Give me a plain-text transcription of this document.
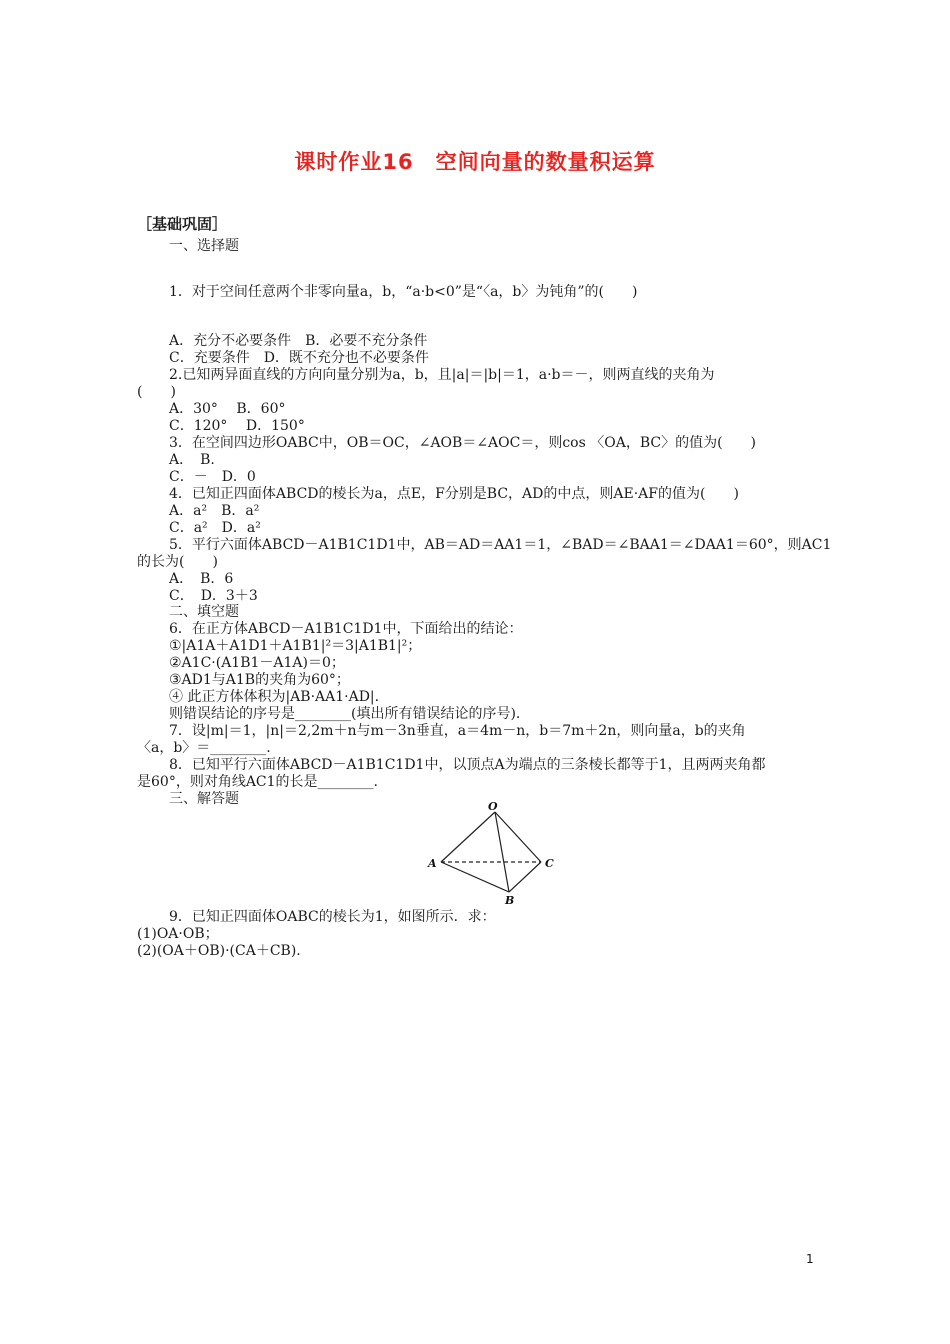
课时作业16　空间向量的数量积运算
［基础巩固］
一、选择题
1．对于空间任意两个非零向量a，b，“a·b<0”是“〈a，b〉为钝角”的(　　)
A．充分不必要条件　B．必要不充分条件
C．充要条件　D．既不充分也不必要条件
2.已知两异面直线的方向向量分别为a，b，且|a|＝|b|＝1，a·b＝－，则两直线的夹角为
(　　)
A．30°　 B．60°
C．120°　 D．150°
3．在空间四边形OABC中，OB＝OC，∠AOB＝∠AOC＝，则cos 〈OA，BC〉的值为(　　)
A．　B.
C．－　D．0
4．已知正四面体ABCD的棱长为a，点E，F分别是BC，AD的中点，则AE·AF的值为(　　)
A．a²　B．a²
C．a²　D．a²
5．平行六面体ABCD－A1B1C1D1中，AB＝AD＝AA1＝1，∠BAD＝∠BAA1＝∠DAA1＝60°，则AC1
的长为(　　)
A．　B．6
C．　D．3＋3
二、填空题
6．在正方体ABCD－A1B1C1D1中，下面给出的结论：
①|A1A＋A1D1＋A1B1|²＝3|A1B1|²；
②A1C·(A1B1－A1A)＝0；
③AD1与A1B的夹角为60°；
④ 此正方体体积为|AB·AA1·AD|.
则错误结论的序号是________(填出所有错误结论的序号).
7．设|m|＝1，|n|＝2,2m＋n与m－3n垂直，a＝4m－n，b＝7m＋2n，则向量a，b的夹角
〈a，b〉＝________.
8．已知平行六面体ABCD－A1B1C1D1中，以顶点A为端点的三条棱长都等于1，且两两夹角都
是60°，则对角线AC1的长是________.
三、解答题
9．已知正四面体OABC的棱长为1，如图所示．求：
(1)OA·OB；
(2)(OA＋OB)·(CA＋CB).
O
A
B
C
1
